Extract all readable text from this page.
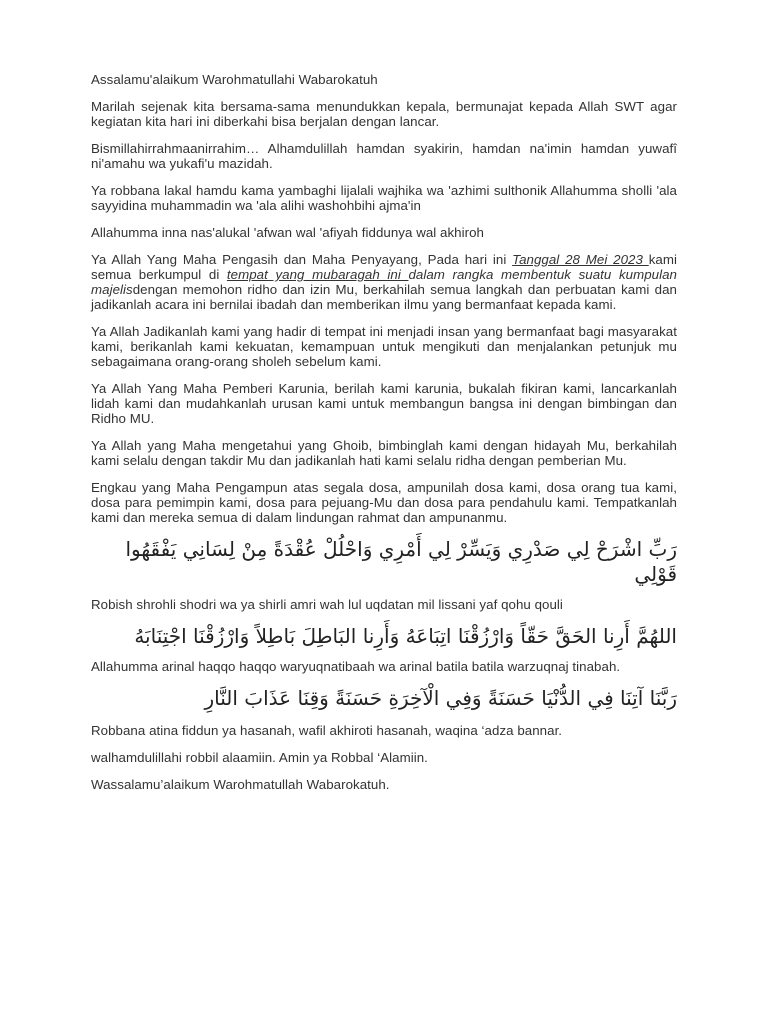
Assalamu'alaikum Warohmatullahi Wabarokatuh

Marilah sejenak kita bersama-sama menundukkan kepala, bermunajat kepada Allah SWT agar kegiatan kita hari ini diberkahi bisa berjalan dengan lancar.

Bismillahirrahmaanirrahim… Alhamdulillah hamdan syakirin, hamdan na'imin hamdan yuwafî ni'amahu wa yukafi'u mazidah.

Ya robbana lakal hamdu kama yambaghi lijalali wajhika wa 'azhimi sulthonik Allahumma sholli 'ala sayyidina muhammadin wa 'ala alihi washohbihi ajma'in

Allahumma inna nas'alukal 'afwan wal 'afiyah fiddunya wal akhiroh

Ya Allah Yang Maha Pengasih dan Maha Penyayang, Pada hari ini Tanggal 28 Mei 2023 kami semua berkumpul di tempat yang mubaragah ini dalam rangka membentuk suatu kumpulan majelisdengan memohon ridho dan izin Mu, berkahilah semua langkah dan perbuatan kami dan jadikanlah acara ini bernilai ibadah dan memberikan ilmu yang bermanfaat kepada kami.

Ya Allah Jadikanlah kami yang hadir di tempat ini menjadi insan yang bermanfaat bagi masyarakat kami, berikanlah kami kekuatan, kemampuan untuk mengikuti dan menjalankan petunjuk mu sebagaimana orang-orang sholeh sebelum kami.

Ya Allah Yang Maha Pemberi Karunia, berilah kami karunia, bukalah fikiran kami, lancarkanlah lidah kami dan mudahkanlah urusan kami untuk membangun bangsa ini dengan bimbingan dan Ridho MU.

Ya Allah yang Maha mengetahui yang Ghoib, bimbinglah kami dengan hidayah Mu, berkahilah kami selalu dengan takdir Mu dan jadikanlah hati kami selalu ridha dengan pemberian Mu.

Engkau yang Maha Pengampun atas segala dosa, ampunilah dosa kami, dosa orang tua kami, dosa para pemimpin kami, dosa para pejuang-Mu dan dosa para pendahulu kami. Tempatkanlah kami dan mereka semua di dalam lindungan rahmat dan ampunanmu.

رَبِّ اشْرَحْ لِي صَدْرِي وَيَسِّرْ لِي أَمْرِي وَاحْلُلْ عُقْدَةً مِنْ لِسَانِي يَفْقَهُوا قَوْلِي

Robish shrohli shodri wa ya shirli amri wah lul uqdatan mil lissani yaf qohu qouli

اللهُمَّ أَرِنا الحَقَّ حَقّاً وَارْزُقْنَا اتِبَاعَهُ وَأَرِنا البَاطِلَ بَاطِلاً وَارْزُقْنَا اجْتِنَابَهُ

Allahumma arinal haqqo haqqo waryuqnatibaah wa arinal batila batila warzuqnaj tinabah.

رَبَّنَا آتِنَا فِي الدُّنْيَا حَسَنَةً وَفِي الْآخِرَةِ حَسَنَةً وَقِنَا عَذَابَ النَّارِ

Robbana atina fiddun ya hasanah, wafil akhiroti hasanah, waqina ‘adza bannar.

walhamdulillahi robbil alaamiin. Amin ya Robbal ‘Alamiin.

Wassalamu’alaikum Warohmatullah Wabarokatuh.
